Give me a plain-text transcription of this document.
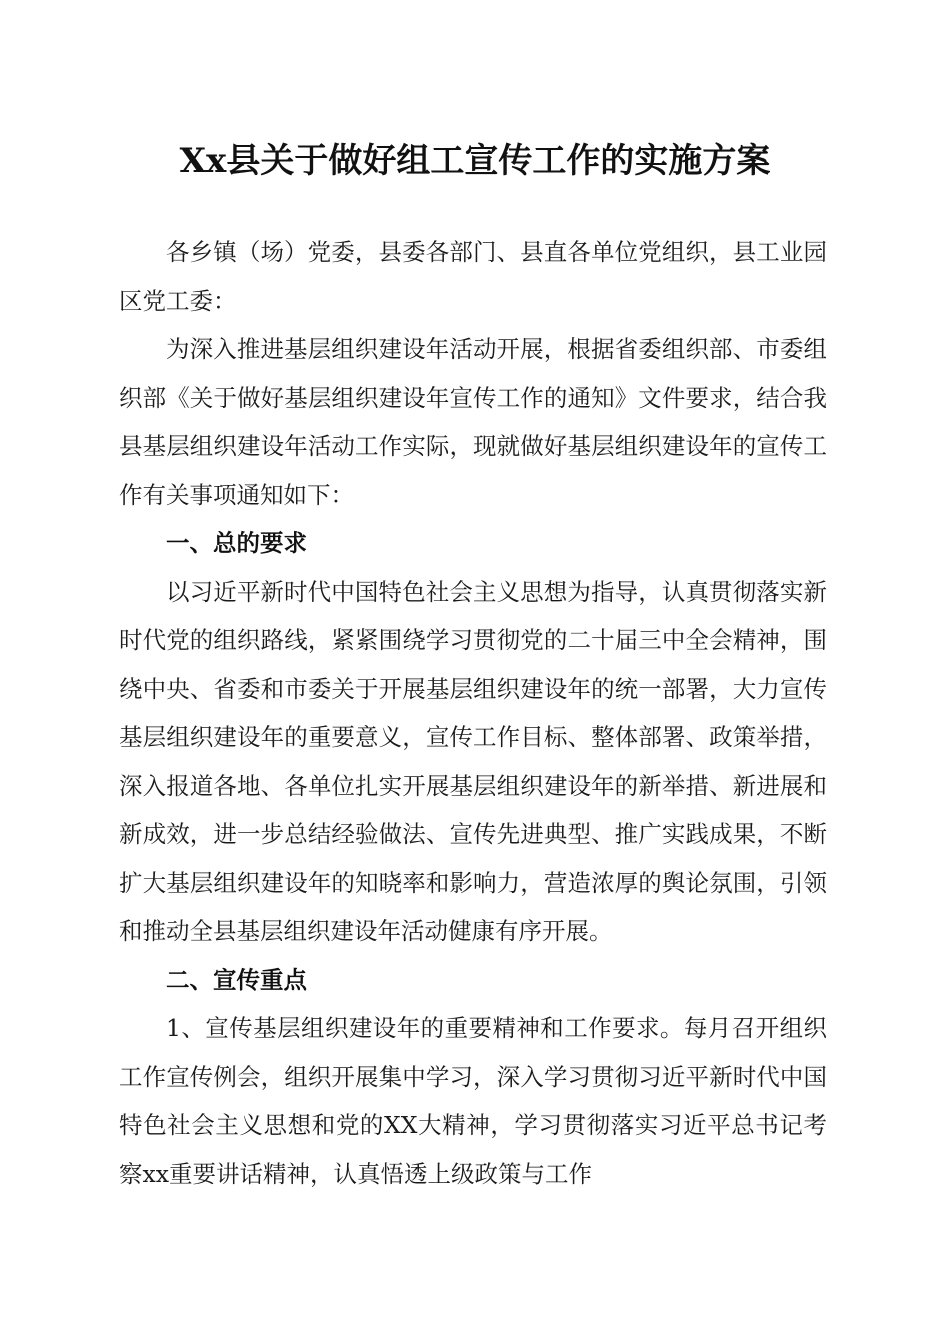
Xx县关于做好组工宣传工作的实施方案

各乡镇（场）党委，县委各部门、县直各单位党组织，县工业园区党工委：

为深入推进基层组织建设年活动开展，根据省委组织部、市委组织部《关于做好基层组织建设年宣传工作的通知》文件要求，结合我县基层组织建设年活动工作实际，现就做好基层组织建设年的宣传工作有关事项通知如下：

一、总的要求

以习近平新时代中国特色社会主义思想为指导，认真贯彻落实新时代党的组织路线，紧紧围绕学习贯彻党的二十届三中全会精神，围绕中央、省委和市委关于开展基层组织建设年的统一部署，大力宣传基层组织建设年的重要意义，宣传工作目标、整体部署、政策举措，深入报道各地、各单位扎实开展基层组织建设年的新举措、新进展和新成效，进一步总结经验做法、宣传先进典型、推广实践成果，不断扩大基层组织建设年的知晓率和影响力，营造浓厚的舆论氛围，引领和推动全县基层组织建设年活动健康有序开展。

二、宣传重点

1、宣传基层组织建设年的重要精神和工作要求。每月召开组织工作宣传例会，组织开展集中学习，深入学习贯彻习近平新时代中国特色社会主义思想和党的XX大精神，学习贯彻落实习近平总书记考察xx重要讲话精神，认真悟透上级政策与工作
